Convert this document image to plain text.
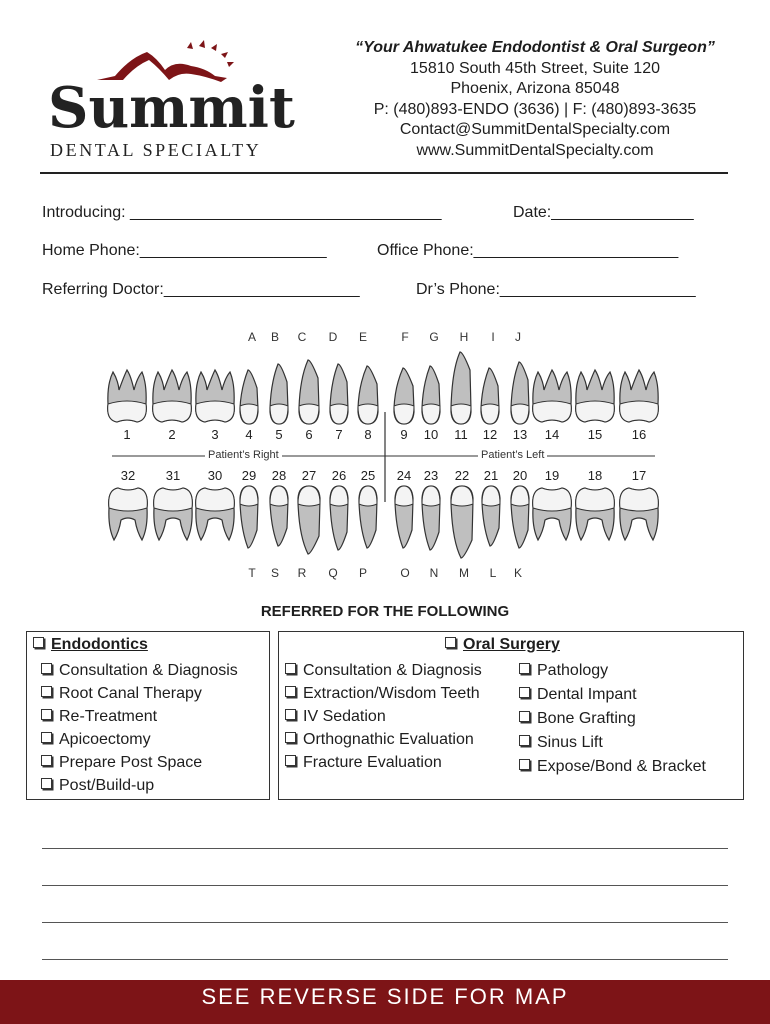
Summit
DENTAL SPECIALTY
“Your Ahwatukee Endodontist & Oral Surgeon”
15810 South 45th Street, Suite 120
Phoenix, Arizona 85048
P: (480)893-ENDO (3636) | F: (480)893-3635
Contact@SummitDentalSpecialty.com
www.SummitDentalSpecialty.com
Introducing: ___________________________________	Date:________________
Home Phone:_____________________	Office Phone:_______________________
Referring Doctor:______________________	Dr’s Phone:______________________
A B C D E	F G H I J
1	2	3 4 5 6 7 8 9 10 11 12 13 14 15 16
32 31 30 29 28 27 26 25 24 23 22 21 20 19 18 17
T S R Q P	O N M L K
Patient’s Right	Patient’s Left
REFERRED FOR THE FOLLOWING
Endodontics
Consultation & Diagnosis
Root Canal Therapy
Re-Treatment
Apicoectomy
Prepare Post Space
Post/Build-up
Oral Surgery
Consultation & Diagnosis
Extraction/Wisdom Teeth
IV Sedation
Orthognathic Evaluation
Fracture Evaluation
Pathology
Dental Impant
Bone Grafting
Sinus Lift
Expose/Bond & Bracket
SEE REVERSE SIDE FOR MAP
